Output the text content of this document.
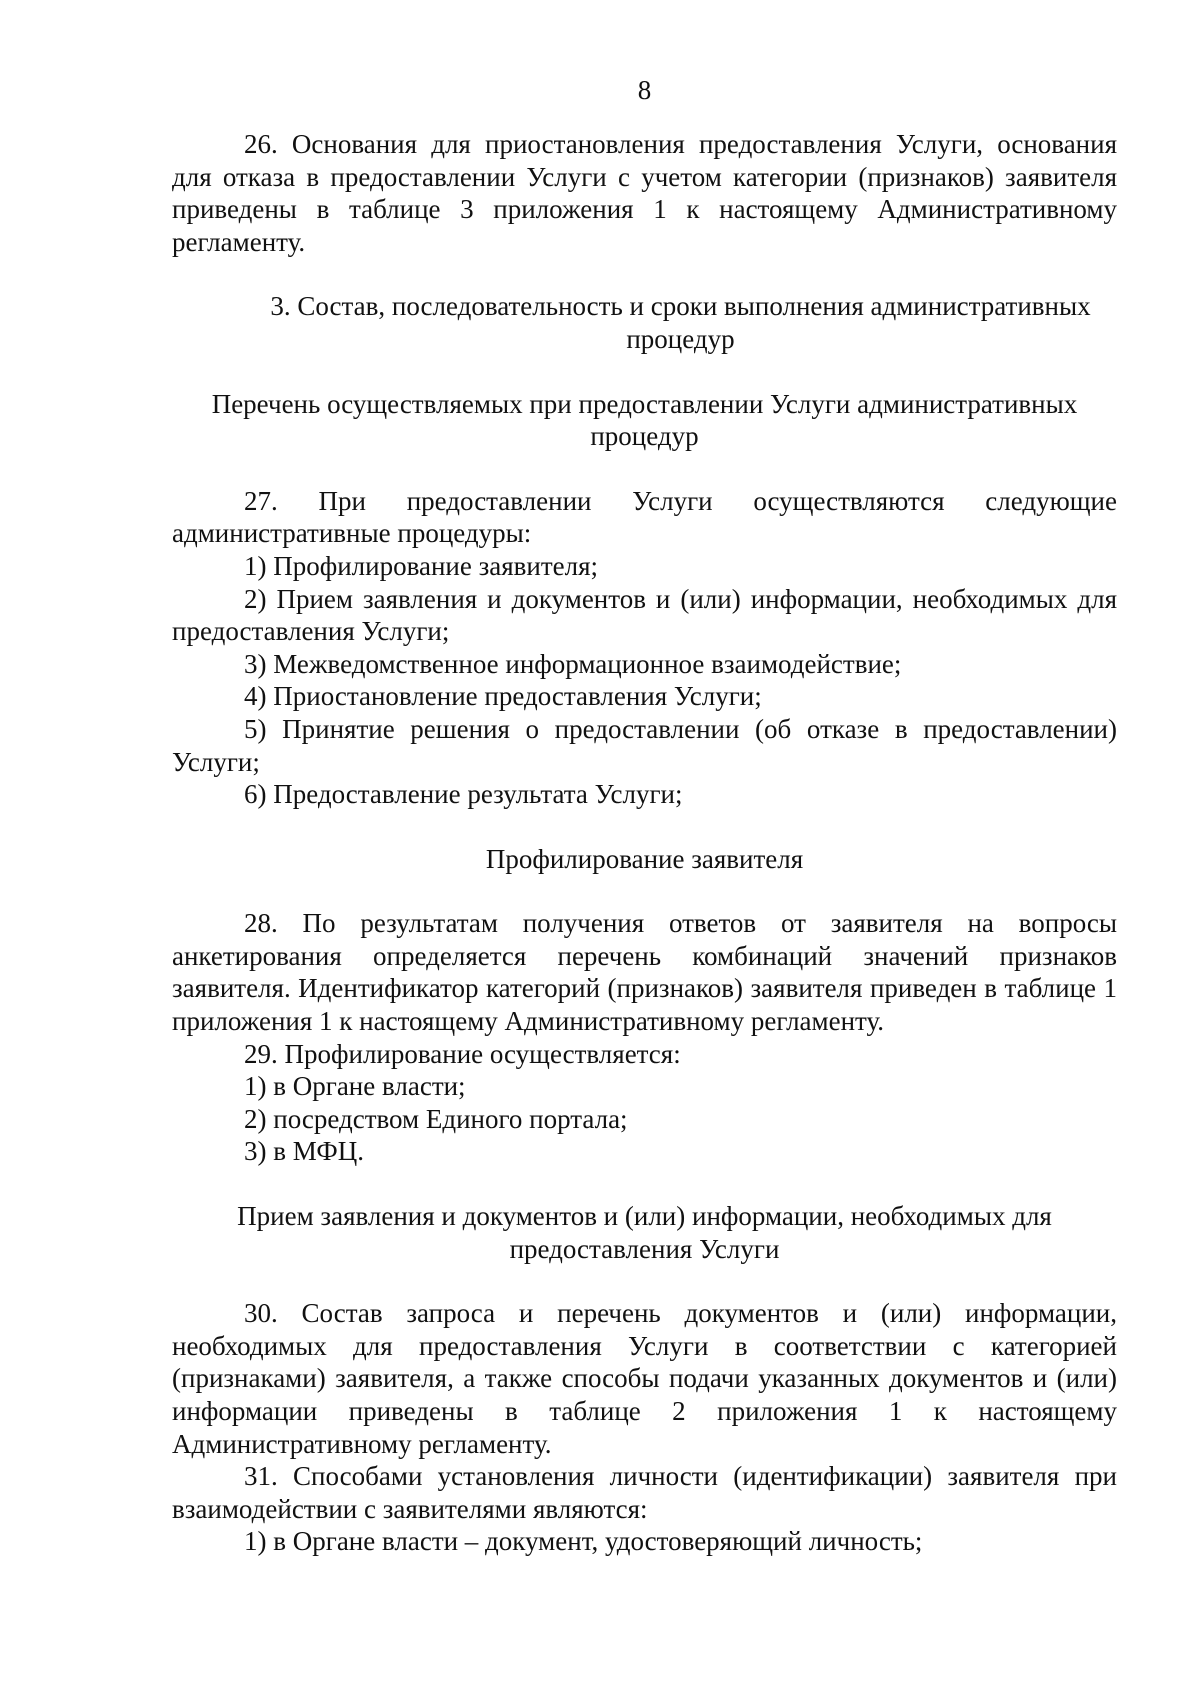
8

26. Основания для приостановления предоставления Услуги, основания для отказа в предоставлении Услуги с учетом категории (признаков) заявителя приведены в таблице 3 приложения 1 к настоящему Административному регламенту.

3. Состав, последовательность и сроки выполнения административных процедур

Перечень осуществляемых при предоставлении Услуги административных процедур

27. При предоставлении Услуги осуществляются следующие административные процедуры:

1) Профилирование заявителя;

2) Прием заявления и документов и (или) информации, необходимых для предоставления Услуги;

3) Межведомственное информационное взаимодействие;

4) Приостановление предоставления Услуги;

5) Принятие решения о предоставлении (об отказе в предоставлении) Услуги;

6) Предоставление результата Услуги;

Профилирование заявителя

28. По результатам получения ответов от заявителя на вопросы анкетирования определяется перечень комбинаций значений признаков заявителя. Идентификатор категорий (признаков) заявителя приведен в таблице 1 приложения 1 к настоящему Административному регламенту.

29. Профилирование осуществляется:

1) в Органе власти;

2) посредством Единого портала;

3) в МФЦ.

Прием заявления и документов и (или) информации, необходимых для предоставления Услуги

30. Состав запроса и перечень документов и (или) информации, необходимых для предоставления Услуги в соответствии с категорией (признаками) заявителя, а также способы подачи указанных документов и (или) информации приведены в таблице 2 приложения 1 к настоящему Административному регламенту.

31. Способами установления личности (идентификации) заявителя при взаимодействии с заявителями являются:

1) в Органе власти – документ, удостоверяющий личность;
